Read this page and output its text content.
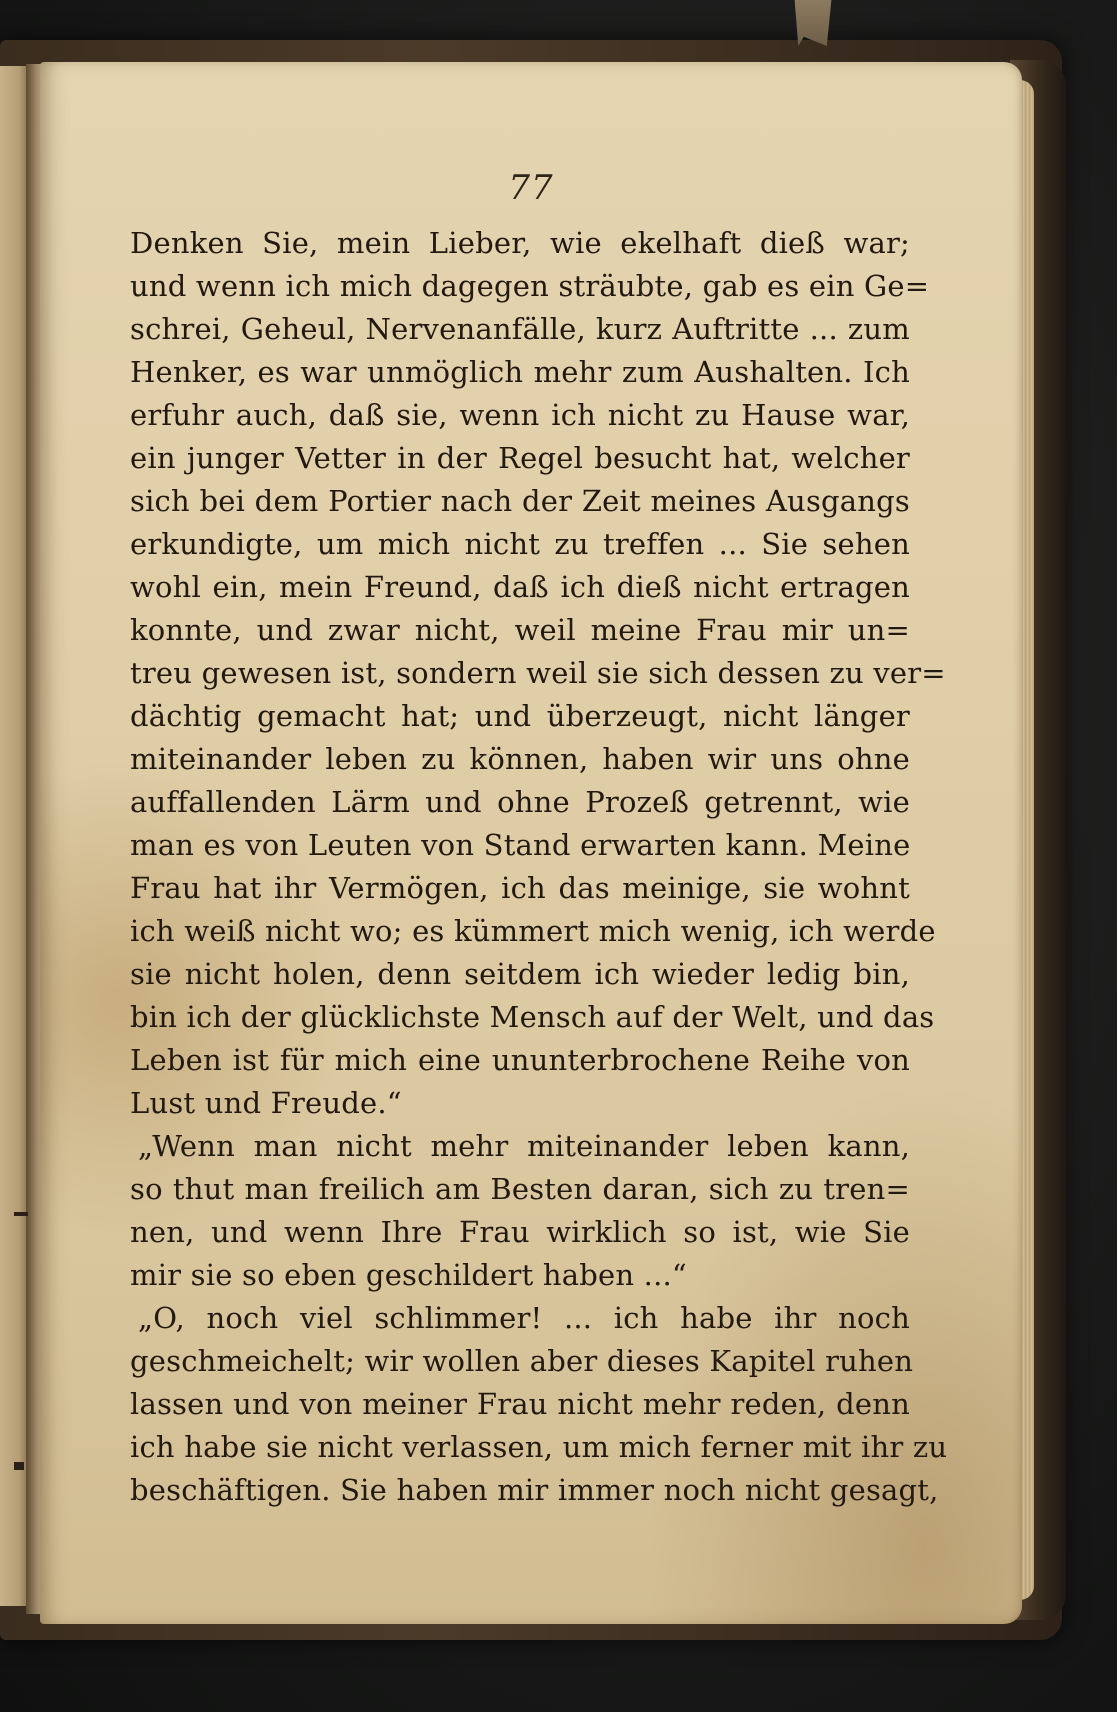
77
Denken Sie, mein Lieber, wie ekelhaft dieß war;
und wenn ich mich dagegen sträubte, gab es ein Ge=
schrei, Geheul, Nervenanfälle, kurz Auftritte ... zum
Henker, es war unmöglich mehr zum Aushalten. Ich
erfuhr auch, daß sie, wenn ich nicht zu Hause war,
ein junger Vetter in der Regel besucht hat, welcher
sich bei dem Portier nach der Zeit meines Ausgangs
erkundigte, um mich nicht zu treffen ... Sie sehen
wohl ein, mein Freund, daß ich dieß nicht ertragen
konnte, und zwar nicht, weil meine Frau mir un=
treu gewesen ist, sondern weil sie sich dessen zu ver=
dächtig gemacht hat; und überzeugt, nicht länger
miteinander leben zu können, haben wir uns ohne
auffallenden Lärm und ohne Prozeß getrennt, wie
man es von Leuten von Stand erwarten kann. Meine
Frau hat ihr Vermögen, ich das meinige, sie wohnt
ich weiß nicht wo; es kümmert mich wenig, ich werde
sie nicht holen, denn seitdem ich wieder ledig bin,
bin ich der glücklichste Mensch auf der Welt, und das
Leben ist für mich eine ununterbrochene Reihe von
Lust und Freude.“
„Wenn man nicht mehr miteinander leben kann,
so thut man freilich am Besten daran, sich zu tren=
nen, und wenn Ihre Frau wirklich so ist, wie Sie
mir sie so eben geschildert haben ...“
„O, noch viel schlimmer! ... ich habe ihr noch
geschmeichelt; wir wollen aber dieses Kapitel ruhen
lassen und von meiner Frau nicht mehr reden, denn
ich habe sie nicht verlassen, um mich ferner mit ihr zu
beschäftigen. Sie haben mir immer noch nicht gesagt,
